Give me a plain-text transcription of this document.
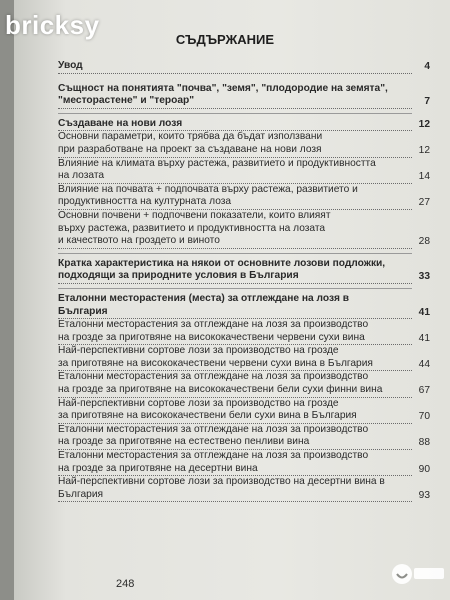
bricksy	СЪДЪРЖАНИЕ
Увод	4
Същност на понятията "почва", "земя", "плодородие на земята",
"месторастене" и "тероар"	7
Създаване на нови лозя	12
Основни параметри, които трябва да бъдат използвани
при разработване на проект за създаване на нови лозя	12
Влияние на климата върху растежа, развитието и продуктивността
на лозата	14
Влияние на почвата + подпочвата върху растежа, развитието и
продуктивността на културната лоза	27
Основни почвени + подпочвени показатели, които влияят
върху растежа, развитието и продуктивността на лозата
и качеството на гроздето и виното	28
Кратка характеристика на някои от основните лозови подложки,
подходящи за природните условия в България	33
Еталонни месторастения (места) за отглеждане на лозя в
България	41
Еталонни месторастения за отглеждане на лозя за производство
на грозде за приготвяне на висококачествени червени сухи вина	41
Най-перспективни сортове лози за производство на грозде
за приготвяне на висококачествени червени сухи вина в България	44
Еталонни месторастения за отглеждане на лозя за производство
на грозде за приготвяне на висококачествени бели сухи финни вина	67
Най-перспективни сортове лози за производство на грозде
за приготвяне на висококачествени бели сухи вина в България	70
Еталонни месторастения за отглеждане на лозя за производство
на грозде за приготвяне на естествено пенливи вина	88
Еталонни месторастения за отглеждане на лозя за производство
на грозде за приготвяне на десертни вина	90
Най-перспективни сортове лози за производство на десертни вина в
България	93
248
